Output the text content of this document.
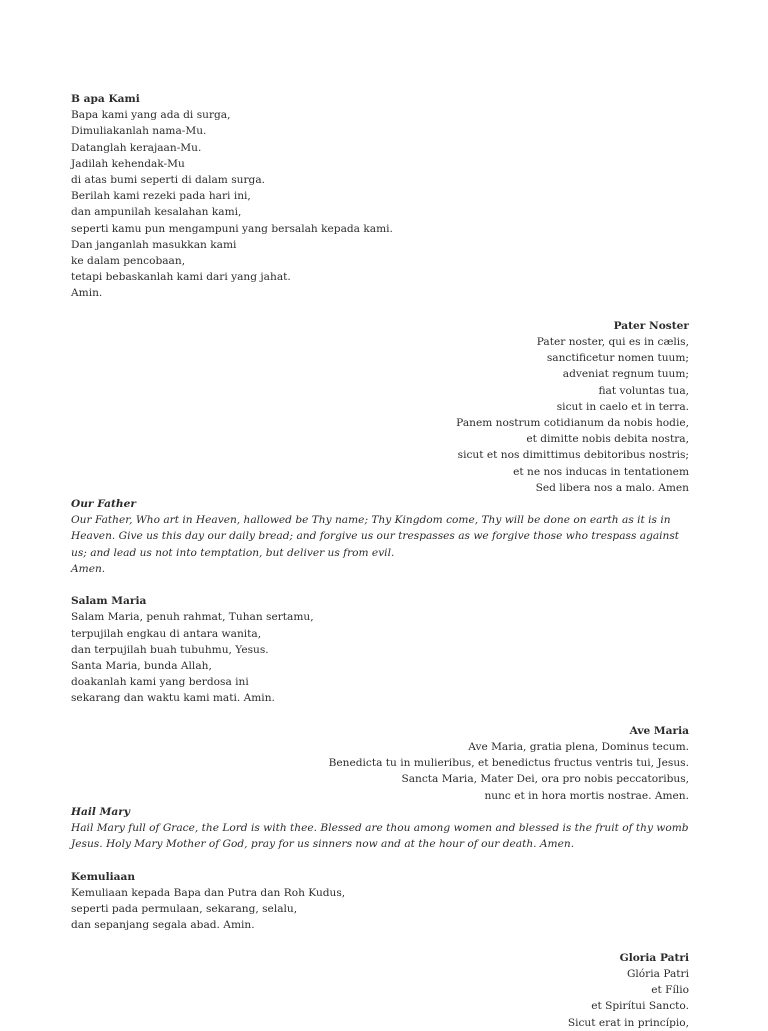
B apa Kami
Bapa kami yang ada di surga,
Dimuliakanlah nama-Mu.
Datanglah kerajaan-Mu.
Jadilah kehendak-Mu
di atas bumi seperti di dalam surga.
Berilah kami rezeki pada hari ini,
dan ampunilah kesalahan kami,
seperti kamu pun mengampuni yang bersalah kepada kami.
Dan janganlah masukkan kami
ke dalam pencobaan,
tetapi bebaskanlah kami dari yang jahat.
Amin.
Pater Noster
Pater noster, qui es in cælis,
sanctificetur nomen tuum;
adveniat regnum tuum;
fiat voluntas tua,
sicut in caelo et in terra.
Panem nostrum cotidianum da nobis hodie,
et dimitte nobis debita nostra,
sicut et nos dimittimus debitoribus nostris;
et ne nos inducas in tentationem
Sed libera nos a malo. Amen
Our Father
Our Father, Who art in Heaven, hallowed be Thy name; Thy Kingdom come, Thy will be done on earth as it is in Heaven. Give us this day our daily bread; and forgive us our trespasses as we forgive those who trespass against us; and lead us not into temptation, but deliver us from evil.
Amen.
Salam Maria
Salam Maria, penuh rahmat, Tuhan sertamu,
terpujilah engkau di antara wanita,
dan terpujilah buah tubuhmu, Yesus.
Santa Maria, bunda Allah,
doakanlah kami yang berdosa ini
sekarang dan waktu kami mati. Amin.
Ave Maria
Ave Maria, gratia plena, Dominus tecum.
Benedicta tu in mulieribus, et benedictus fructus ventris tui, Jesus.
Sancta Maria, Mater Dei, ora pro nobis peccatoribus,
nunc et in hora mortis nostrae. Amen.
Hail Mary
Hail Mary full of Grace, the Lord is with thee. Blessed are thou among women and blessed is the fruit of thy womb Jesus. Holy Mary Mother of God, pray for us sinners now and at the hour of our death. Amen.
Kemuliaan
Kemuliaan kepada Bapa dan Putra dan Roh Kudus,
seperti pada permulaan, sekarang, selalu,
dan sepanjang segala abad. Amin.
Gloria Patri
Glória Patri
et Fílio
et Spirítui Sancto.
Sicut erat in princípio,
